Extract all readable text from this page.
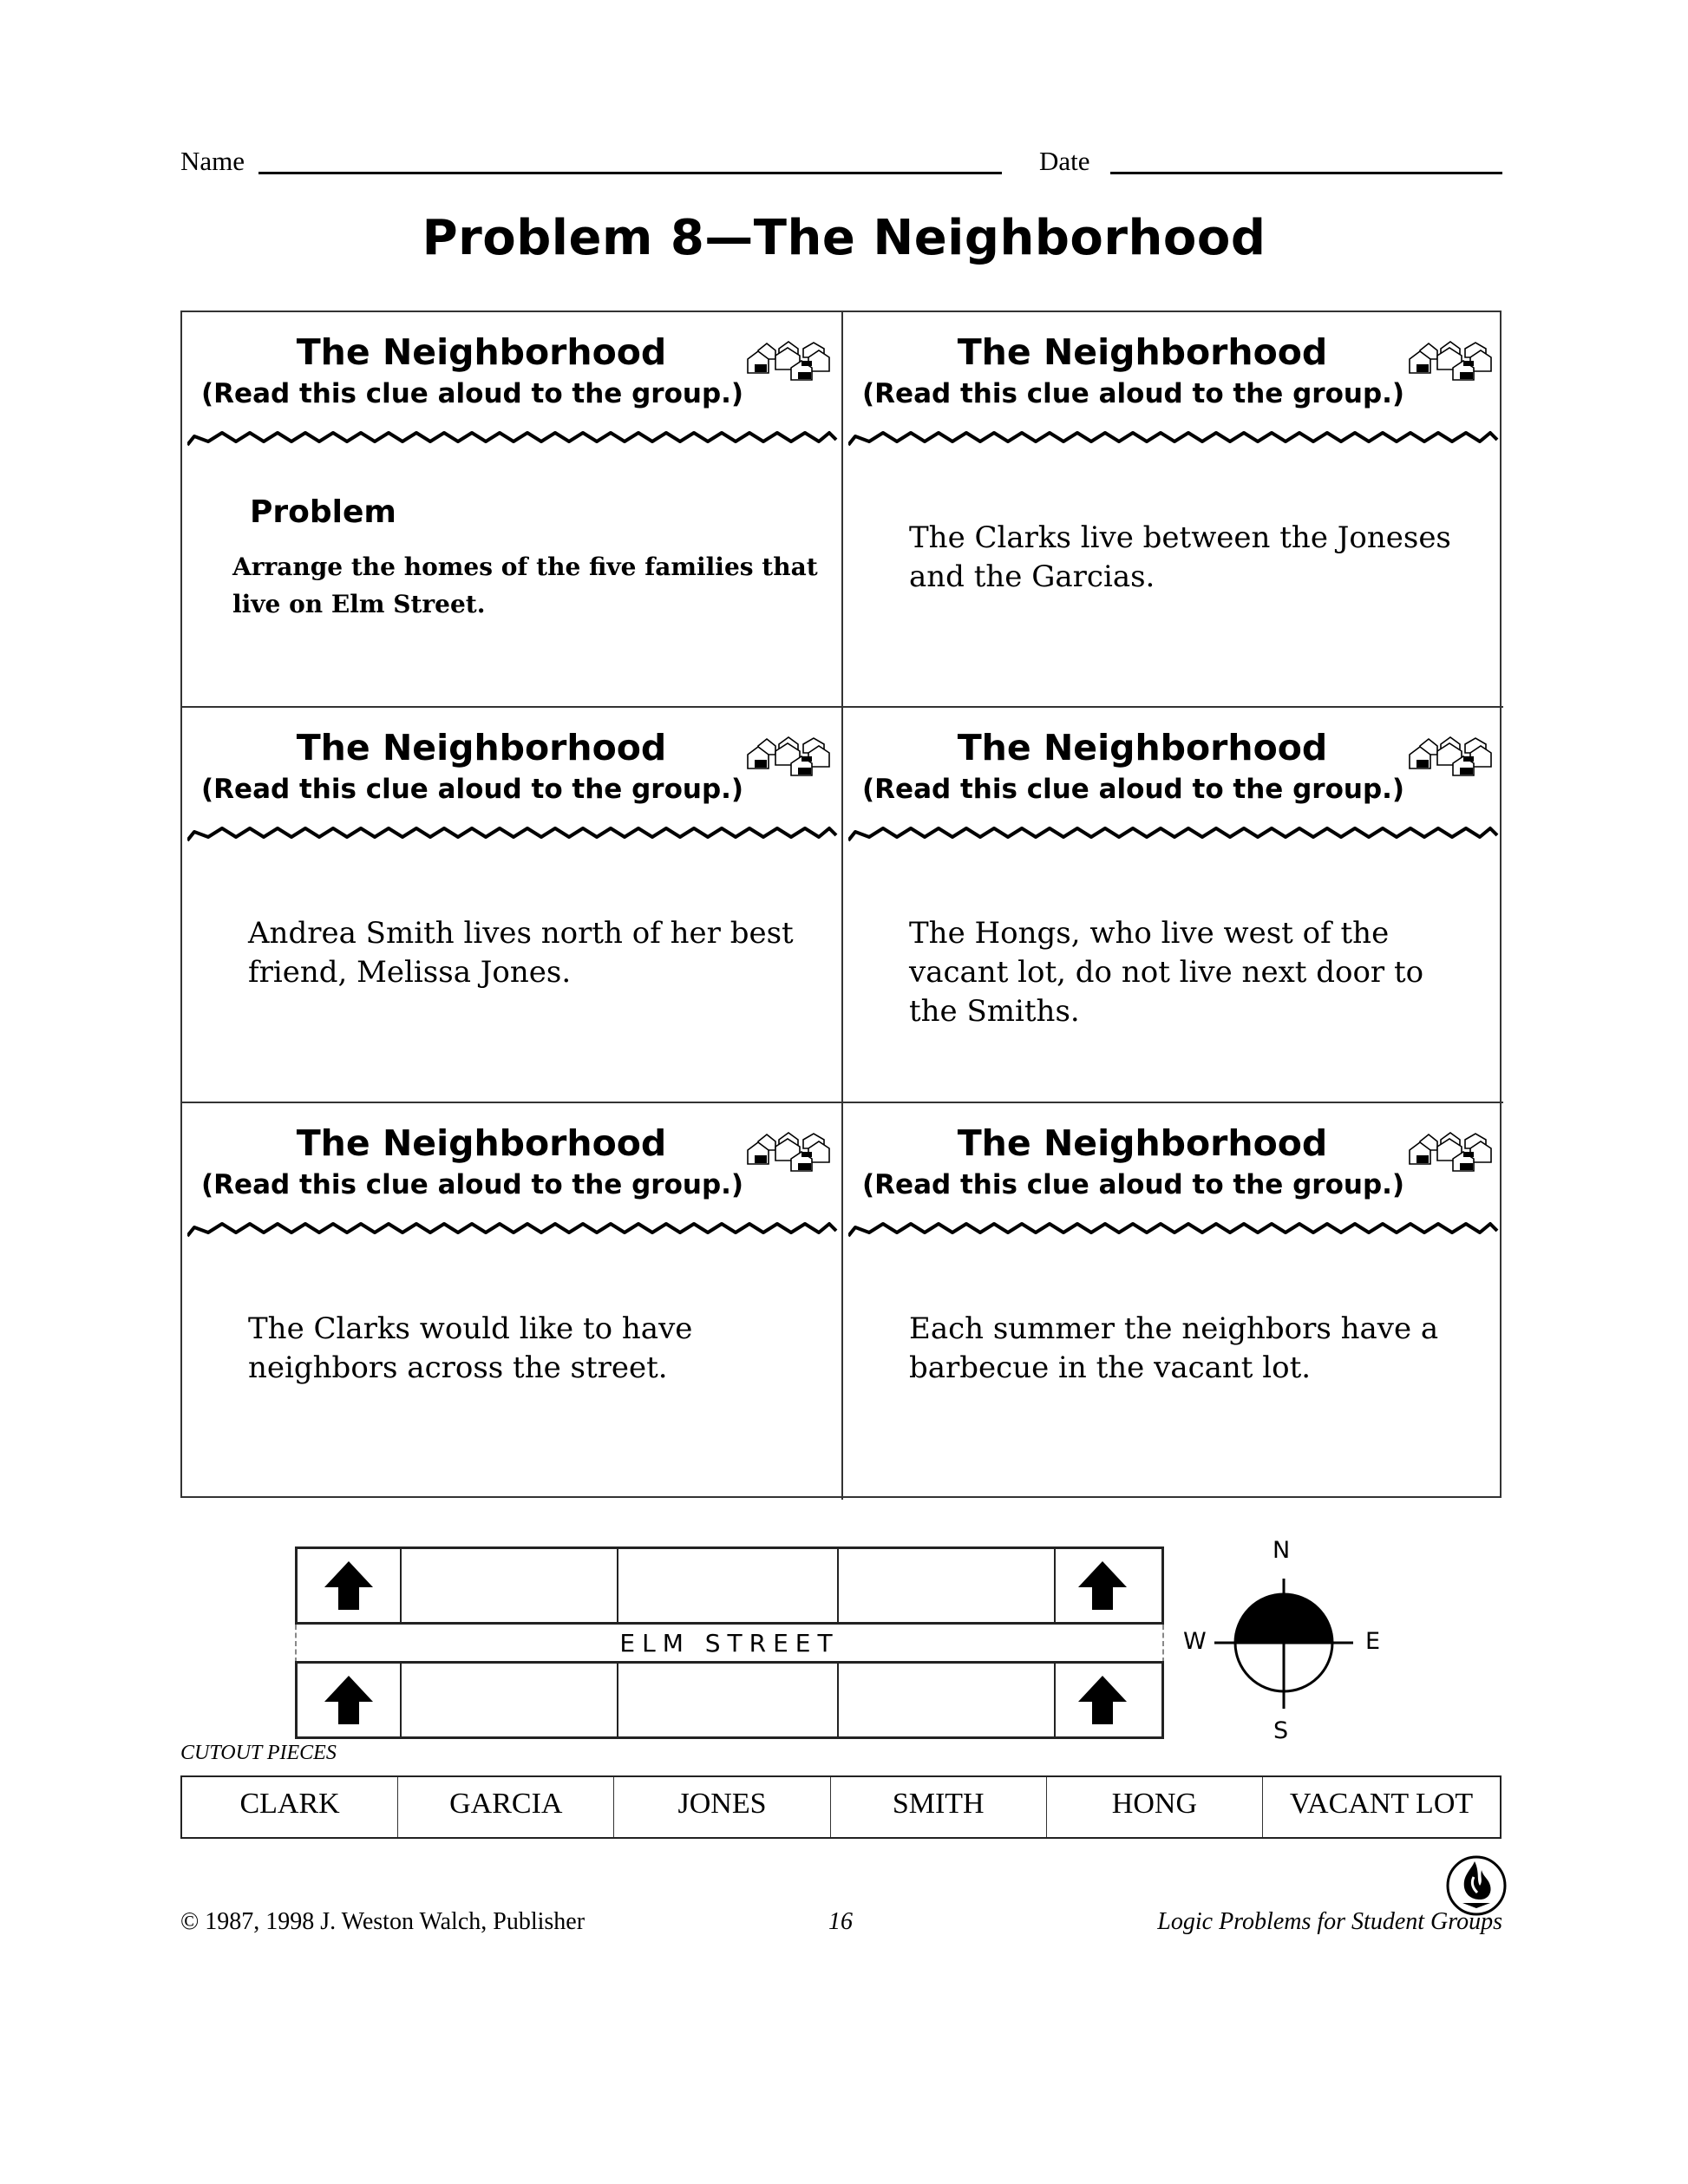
Name	Date
Problem 8—The Neighborhood
The Neighborhood
(Read this clue aloud to the group.)
Problem
Arrange the homes of the five families that live on Elm Street.
The Neighborhood
(Read this clue aloud to the group.)
The Clarks live between the Joneses and the Garcias.
The Neighborhood
(Read this clue aloud to the group.)
Andrea Smith lives north of her best friend, Melissa Jones.
The Neighborhood
(Read this clue aloud to the group.)
The Hongs, who live west of the vacant lot, do not live next door to the Smiths.
The Neighborhood
(Read this clue aloud to the group.)
The Clarks would like to have neighbors across the street.
The Neighborhood
(Read this clue aloud to the group.)
Each summer the neighbors have a barbecue in the vacant lot.
ELM STREET
N
S
W	E
CUTOUT PIECES
CLARK	GARCIA	JONES	SMITH	HONG	VACANT LOT
© 1987, 1998 J. Weston Walch, Publisher	16	Logic Problems for Student Groups
